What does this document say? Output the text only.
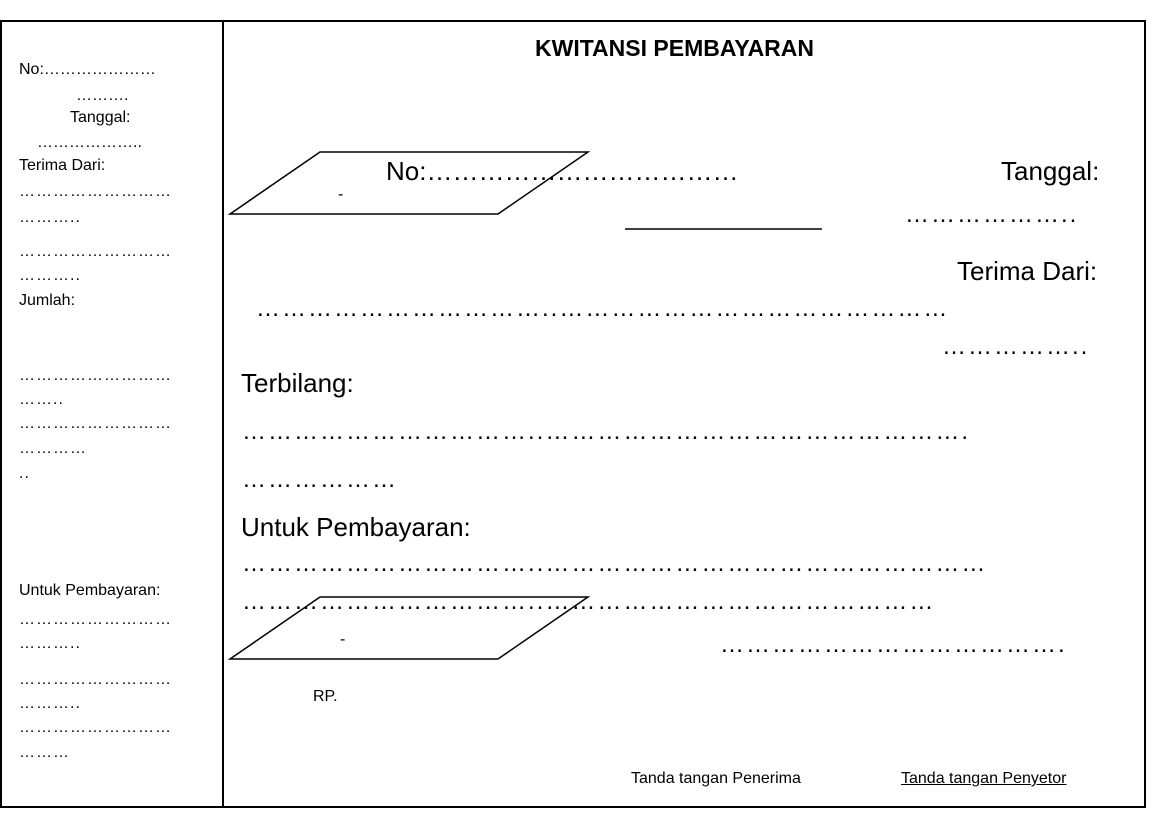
No:…………………
……….
Tanggal:
………………..
Terima Dari:
………………………
………..
………………………
………..
Jumlah:
………………………
……..
………………………
…………
..
Untuk Pembayaran:
………………………
………..
………………………
………..
………………………
………
KWITANSI PEMBAYARAN
-
No:………………………………	Tanggal:
………………..
Terima Dari:
……………………………..………………………………………
……………..
Terbilang:
……………………………..………………………………………….
………………
Untuk Pembayaran:
……………………………..……………………………………………
……………………………..………………………………………
………………………………….
-
RP.
Tanda tangan Penerima	Tanda tangan Penyetor
